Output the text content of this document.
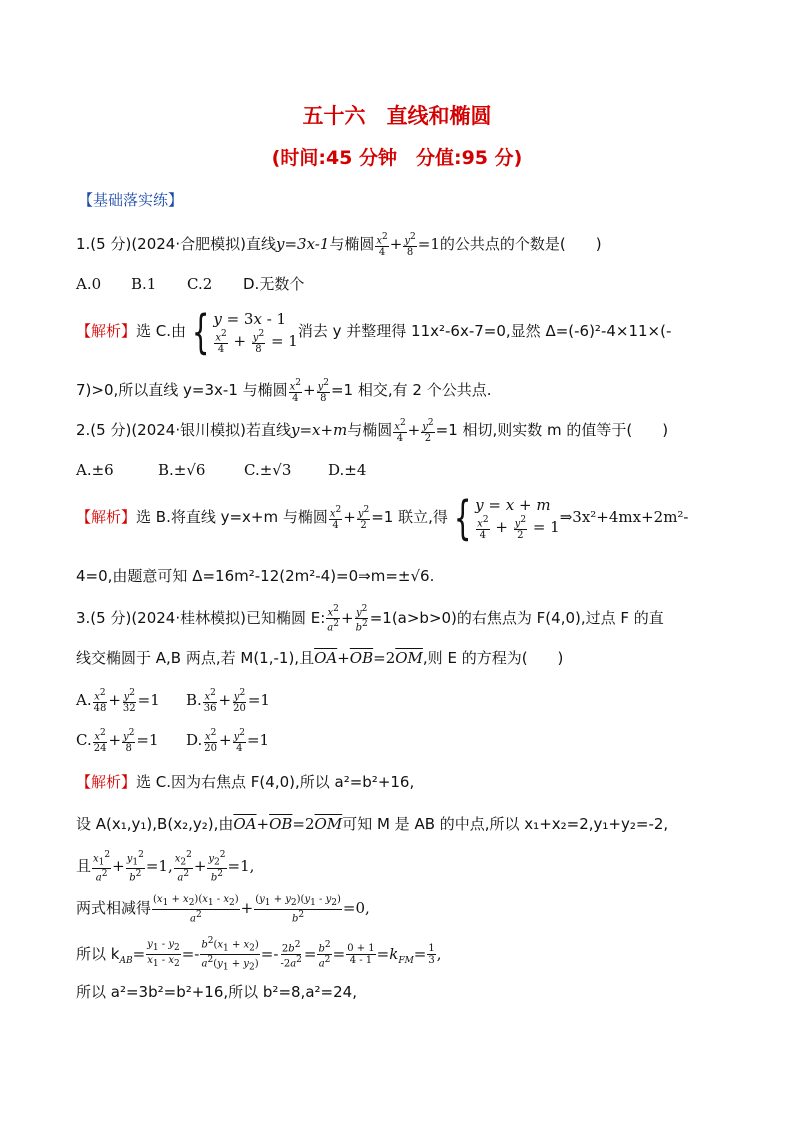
五十六　直线和椭圆
(时间:45 分钟　分值:95 分)
【基础落实练】
1.(5 分)(2024·合肥模拟)直线y=3x-1与椭圆 $\frac{x^2}{4} + \frac{y^2}{8} =1$的公共点的个数是(　　)
A.0 B.1 C.2 D.无数个
【解析】选 C.由 { y = 3x - 1
$\frac{x^2}{4} + \frac{y^2}{8} = 1$
消去 y 并整理得 11x²-6x-7=0,显然 Δ=(-6)²-4×11×(-
7)>0,所以直线 y=3x-1 与椭圆 $\frac{x^2}{4} + \frac{y^2}{8} =1$ 相交,有 2 个公共点.
2.(5 分)(2024·银川模拟)若直线y=x+m与椭圆 $\frac{x^2}{4} + \frac{y^2}{2} =1$ 相切,则实数 m 的值等于(　　)
A.±6	B.±√6	C.±√3 D.±4
【解析】选 B.将直线 y=x+m 与椭圆 $\frac{x^2}{4} + \frac{y^2}{2} =1$ 联立,得 { y = x + m
$\frac{x^2}{4} + \frac{y^2}{2} = 1$
⇒3x²+4mx+2m²-
4=0,由题意可知 Δ=16m²-12(2m²-4)=0⇒m=±√6.
3.(5 分)(2024·桂林模拟)已知椭圆 E: $\frac{x^2}{a^2} + \frac{y^2}{b^2} =1(a>b>0)$的右焦点为 F(4,0),过点 F 的直
线交椭圆于 A,B 两点,若 M(1,-1),且$\overline{OA}+\overline{OB}=2\overline{OM}$,则 E 的方程为(　　)
A. $\frac{x^2}{48} + \frac{y^2}{32} =1$ B. $\frac{x^2}{36} + \frac{y^2}{20} =1$
C. $\frac{x^2}{24} + \frac{y^2}{8} =1$ D. $\frac{x^2}{20} + \frac{y^2}{4} =1$
【解析】选 C.因为右焦点 F(4,0),所以 a²=b²+16,
设 A(x₁,y₁),B(x₂,y₂),由$\overline{OA}+\overline{OB}=2\overline{OM}$可知 M 是 AB 的中点,所以 x₁+x₂=2,y₁+y₂=-2,
且 $\frac{x_1^2}{a^2} + \frac{y_1^2}{b^2} =1$, $\frac{x_2^2}{a^2} + \frac{y_2^2}{b^2} =1$,
两式相减得 $\frac{(x_1 + x_2)(x_1 - x_2)}{a^2} + \frac{(y_1 + y_2)(y_1 - y_2)}{b^2} =0$,
所以 $k_{AB}= \frac{y_1 - y_2}{x_1 - x_2} =- \frac{b^2(x_1 + x_2)}{a^2(y_1 + y_2)} =- \frac{2b^2}{-2a^2} = \frac{b^2}{a^2} = \frac{0 + 1}{4 - 1} =k_{FM}= \frac{1}{3}$ ,
所以 a²=3b²=b²+16,所以 b²=8,a²=24,
